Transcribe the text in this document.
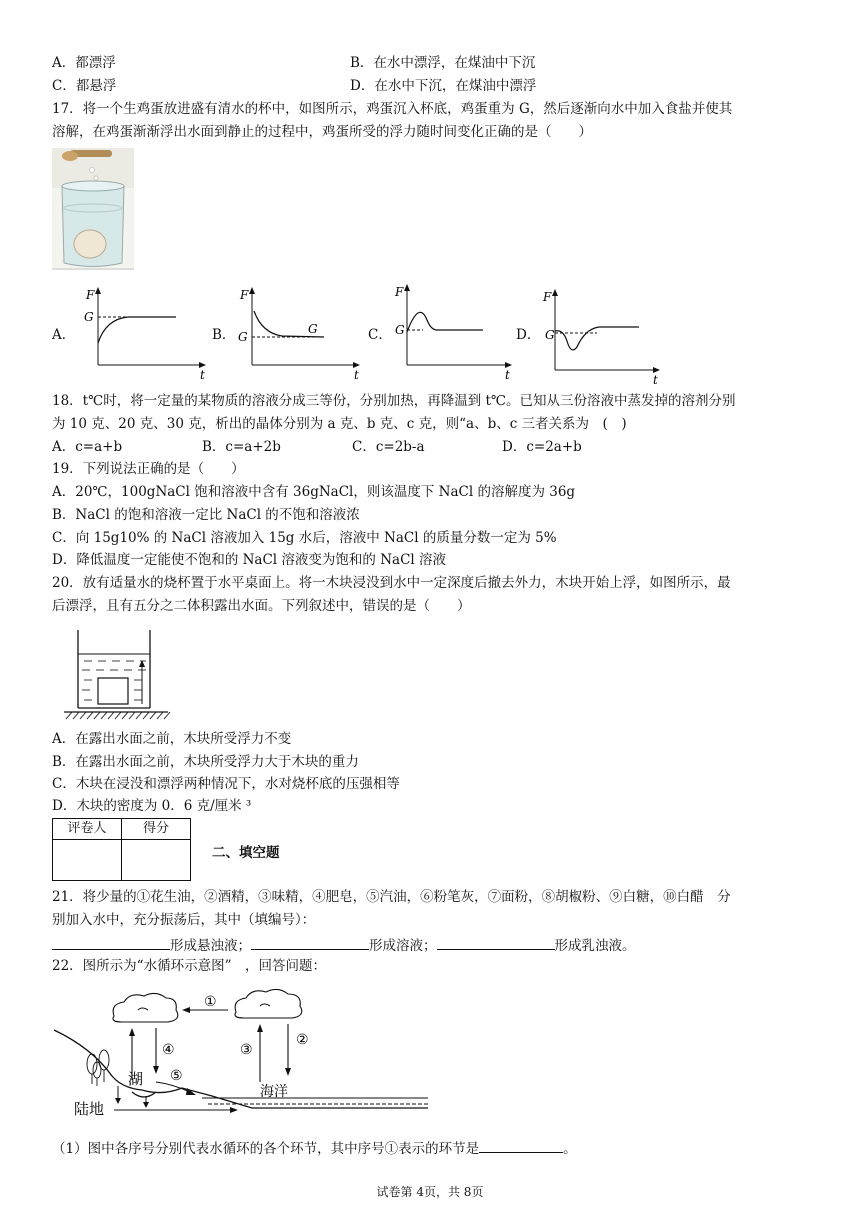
A．都漂浮	B．在水中漂浮，在煤油中下沉
C．都悬浮	D．在水中下沉，在煤油中漂浮
17．将一个生鸡蛋放进盛有清水的杯中，如图所示，鸡蛋沉入杯底，鸡蛋重为 G，然后逐渐向水中加入食盐并使其
溶解，在鸡蛋渐渐浮出水面到静止的过程中，鸡蛋所受的浮力随时间变化正确的是（　　）
A．	B．	C．	D．
F
t
G
F
t
G
G
F
t
G
F
t
G
18．t℃时，将一定量的某物质的溶液分成三等份，分别加热，再降温到 t℃。已知从三份溶液中蒸发掉的溶剂分别
为 10 克、20 克、30 克，析出的晶体分别为 a 克、b 克、c 克，则“a、b、c 三者关系为　(　)
A．c=a+b	B．c=a+2b	C．c=2b-a	D．c=2a+b
19．下列说法正确的是（　　）
A．20℃，100gNaCl 饱和溶液中含有 36gNaCl，则该温度下 NaCl 的溶解度为 36g
B．NaCl 的饱和溶液一定比 NaCl 的不饱和溶液浓
C．向 15g10% 的 NaCl 溶液加入 15g 水后，溶液中 NaCl 的质量分数一定为 5%
D．降低温度一定能使不饱和的 NaCl 溶液变为饱和的 NaCl 溶液
20．放有适量水的烧杯置于水平桌面上。将一木块浸没到水中一定深度后撤去外力，木块开始上浮，如图所示，最
后漂浮，且有五分之二体积露出水面。下列叙述中，错误的是（　　）
A．在露出水面之前，木块所受浮力不变
B．在露出水面之前，木块所受浮力大于木块的重力
C．木块在浸没和漂浮两种情况下，水对烧杯底的压强相等
D．木块的密度为 0．6 克/厘米 ³
评卷人	得分

二、填空题
21．将少量的①花生油，②酒精，③味精，④肥皂，⑤汽油，⑥粉笔灰，⑦面粉，⑧胡椒粉、⑨白糖，⑩白醋　分
别加入水中，充分振荡后，其中（填编号）：
形成悬浊液；	形成溶液；	形成乳浊液。
22．图所示为“水循环示意图”　，回答问题：
①
②
③
④
⑤
湖
海洋
陆地
（1）图中各序号分别代表水循环的各个环节，其中序号①表示的环节是	。
试卷第 4页，共 8页
